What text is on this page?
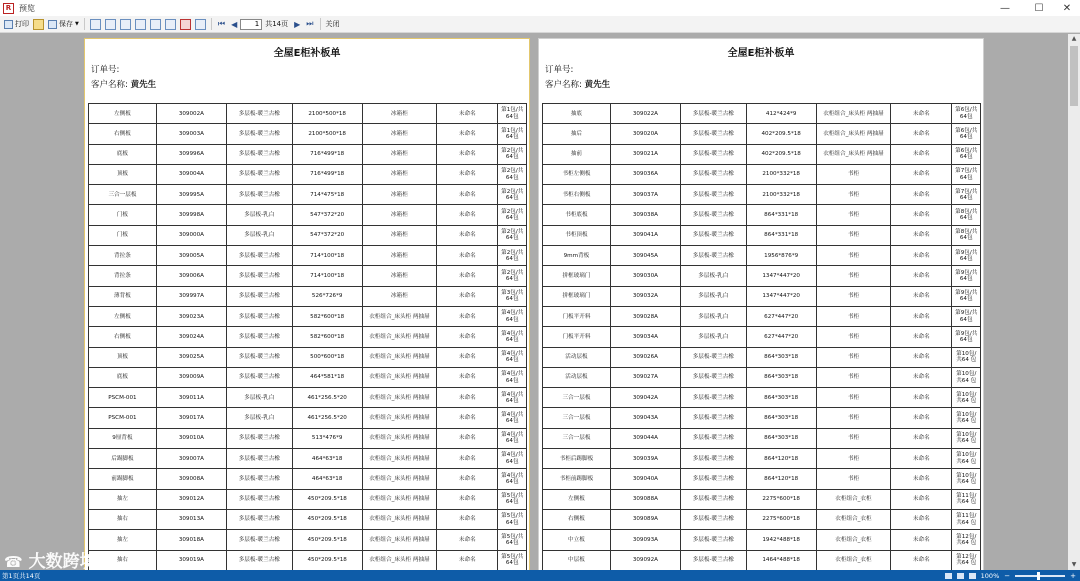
R 预览	—	☐	✕
打印	保存 ▼	⏮ ◀
1	共14页 ▶ ⏭ 关闭
全屋E柜补板单
订单号:
客户名称: 黄先生
左侧板	309002A	多层板-暖兰古橡	2100*500*18	冰箱柜	未命名	第1包/共64包
右侧板	309003A	多层板-暖兰古橡	2100*500*18	冰箱柜	未命名	第1包/共64包
底板	309996A	多层板-暖兰古橡	716*499*18	冰箱柜	未命名	第2包/共64包
顶板	309004A	多层板-暖兰古橡	716*499*18	冰箱柜	未命名	第2包/共64包
三合一层板	309995A	多层板-暖兰古橡	714*475*18	冰箱柜	未命名	第2包/共64包
门板	309998A	多层板-乳白	547*372*20	冰箱柜	未命名	第2包/共64包
门板	309000A	多层板-乳白	547*372*20	冰箱柜	未命名	第2包/共64包
背拉条	309005A	多层板-暖兰古橡	714*100*18	冰箱柜	未命名	第2包/共64包
背拉条	309006A	多层板-暖兰古橡	714*100*18	冰箱柜	未命名	第2包/共64包
薄背板	309997A	多层板-暖兰古橡	526*726*9	冰箱柜	未命名	第3包/共64包
左侧板	309023A	多层板-暖兰古橡	582*600*18	衣柜组合_床头柜 两抽屉	未命名	第4包/共64包
右侧板	309024A	多层板-暖兰古橡	582*600*18	衣柜组合_床头柜 两抽屉	未命名	第4包/共64包
顶板	309025A	多层板-暖兰古橡	500*600*18	衣柜组合_床头柜 两抽屉	未命名	第4包/共64包
底板	309009A	多层板-暖兰古橡	464*581*18	衣柜组合_床头柜 两抽屉	未命名	第4包/共64包
PSCM-001	309011A	多层板-乳白	461*256.5*20	衣柜组合_床头柜 两抽屉	未命名	第4包/共64包
PSCM-001	309017A	多层板-乳白	461*256.5*20	衣柜组合_床头柜 两抽屉	未命名	第4包/共64包
9厘背板	309010A	多层板-暖兰古橡	513*476*9	衣柜组合_床头柜 两抽屉	未命名	第4包/共64包
后踢脚板	309007A	多层板-暖兰古橡	464*63*18	衣柜组合_床头柜 两抽屉	未命名	第4包/共64包
前踢脚板	309008A	多层板-暖兰古橡	464*63*18	衣柜组合_床头柜 两抽屉	未命名	第4包/共64包
抽左	309012A	多层板-暖兰古橡	450*209.5*18	衣柜组合_床头柜 两抽屉	未命名	第5包/共64包
抽右	309013A	多层板-暖兰古橡	450*209.5*18	衣柜组合_床头柜 两抽屉	未命名	第5包/共64包
抽左	309018A	多层板-暖兰古橡	450*209.5*18	衣柜组合_床头柜 两抽屉	未命名	第5包/共64包
抽右	309019A	多层板-暖兰古橡	450*209.5*18	衣柜组合_床头柜 两抽屉	未命名	第5包/共64包
全屋E柜补板单
订单号:
客户名称: 黄先生
抽底	309022A	多层板-暖兰古橡	412*424*9	衣柜组合_床头柜 两抽屉	未命名	第6包/共64包
抽后	309020A	多层板-暖兰古橡	402*209.5*18	衣柜组合_床头柜 两抽屉	未命名	第6包/共64包
抽前	309021A	多层板-暖兰古橡	402*209.5*18	衣柜组合_床头柜 两抽屉	未命名	第6包/共64包
书柜左侧板	309036A	多层板-暖兰古橡	2100*332*18	书柜	未命名	第7包/共64包
书柜右侧板	309037A	多层板-暖兰古橡	2100*332*18	书柜	未命名	第7包/共64包
书柜底板	309038A	多层板-暖兰古橡	864*331*18	书柜	未命名	第8包/共64包
书柜顶板	309041A	多层板-暖兰古橡	864*331*18	书柜	未命名	第8包/共64包
9mm背板	309045A	多层板-暖兰古橡	1956*876*9	书柜	未命名	第9包/共64包
拼框玻璃门	309030A	多层板-乳白	1347*447*20	书柜	未命名	第9包/共64包
拼框玻璃门	309032A	多层板-乳白	1347*447*20	书柜	未命名	第9包/共64包
门板平开料	309028A	多层板-乳白	627*447*20	书柜	未命名	第9包/共64包
门板平开料	309034A	多层板-乳白	627*447*20	书柜	未命名	第9包/共64包
活动层板	309026A	多层板-暖兰古橡	864*303*18	书柜	未命名	第10包/共64 包
活动层板	309027A	多层板-暖兰古橡	864*303*18	书柜	未命名	第10包/共64 包
三合一层板	309042A	多层板-暖兰古橡	864*303*18	书柜	未命名	第10包/共64 包
三合一层板	309043A	多层板-暖兰古橡	864*303*18	书柜	未命名	第10包/共64 包
三合一层板	309044A	多层板-暖兰古橡	864*303*18	书柜	未命名	第10包/共64 包
书柜后踢脚板	309039A	多层板-暖兰古橡	864*120*18	书柜	未命名	第10包/共64 包
书柜前踢脚板	309040A	多层板-暖兰古橡	864*120*18	书柜	未命名	第10包/共64 包
左侧板	309088A	多层板-暖兰古橡	2275*600*18	衣柜组合_衣柜	未命名	第11包/共64 包
右侧板	309089A	多层板-暖兰古橡	2275*600*18	衣柜组合_衣柜	未命名	第11包/共64 包
中立板	309093A	多层板-暖兰古橡	1942*488*18	衣柜组合_衣柜	未命名	第12包/共64 包
中层板	309092A	多层板-暖兰古橡	1464*488*18	衣柜组合_衣柜	未命名	第12包/共64 包
▲
▼
第1页共14页	100% −	+
☎ 大数跨境
